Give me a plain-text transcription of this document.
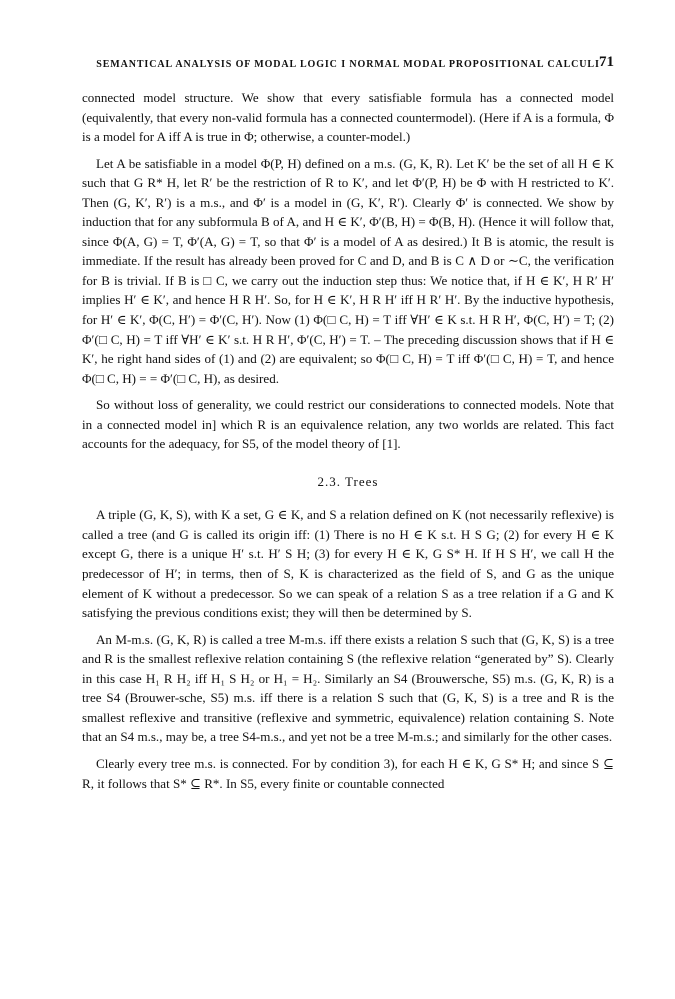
SEMANTICAL ANALYSIS OF MODAL LOGIC I NORMAL MODAL PROPOSITIONAL CALCULI 71

connected model structure. We show that every satisfiable formula has a connected model (equivalently, that every non-valid formula has a connected countermodel). (Here if A is a formula, Φ is a model for A iff A is true in Φ; otherwise, a counter-model.)

Let A be satisfiable in a model Φ(P, H) defined on a m.s. (G, K, R). Let K′ be the set of all H ∈ K such that G R* H, let R′ be the restriction of R to K′, and let Φ′(P, H) be Φ with H restricted to K′. Then (G, K′, R′) is a m.s., and Φ′ is a model in (G, K′, R′). Clearly Φ′ is connected. We show by induction that for any subformula B of A, and H ∈ K′, Φ′(B, H) = Φ(B, H). (Hence it will follow that, since Φ(A, G) = T, Φ′(A, G) = T, so that Φ′ is a model of A as desired.) It B is atomic, the result is immediate. If the result has already been proved for C and D, and B is C ∧ D or ∼C, the verification for B is trivial. If B is □ C, we carry out the induction step thus: We notice that, if H ∈ K′, H R′ H′ implies H′ ∈ K′, and hence H R H′. So, for H ∈ K′, H R H′ iff H R′ H′. By the inductive hypothesis, for H′ ∈ K′, Φ(C, H′) = Φ′(C, H′). Now (1) Φ(□ C, H) = T iff ∀H′ ∈ K s.t. H R H′, Φ(C, H′) = T; (2) Φ′(□ C, H) = T iff ∀H′ ∈ K′ s.t. H R H′, Φ′(C, H′) = T. – The preceding discussion shows that if H ∈ K′, he right hand sides of (1) and (2) are equivalent; so Φ(□ C, H) = T iff Φ′(□ C, H) = T, and hence Φ(□ C, H) = = Φ′(□ C, H), as desired.

So without loss of generality, we could restrict our considerations to connected models. Note that in a connected model in] which R is an equivalence relation, any two worlds are related. This fact accounts for the adequacy, for S5, of the model theory of [1].

2.3. Trees

A triple (G, K, S), with K a set, G ∈ K, and S a relation defined on K (not necessarily reflexive) is called a tree (and G is called its origin iff: (1) There is no H ∈ K s.t. H S G; (2) for every H ∈ K except G, there is a unique H′ s.t. H′ S H; (3) for every H ∈ K, G S* H. If H S H′, we call H the predecessor of H′; in terms, then of S, K is characterized as the field of S, and G as the unique element of K without a predecessor. So we can speak of a relation S as a tree relation if a G and K satisfying the previous conditions exist; they will then be determined by S.

An M-m.s. (G, K, R) is called a tree M-m.s. iff there exists a relation S such that (G, K, S) is a tree and R is the smallest reflexive relation containing S (the reflexive relation “generated by” S). Clearly in this case H₁ R H₂ iff H₁ S H₂ or H₁ = H₂. Similarly an S4 (Brouwersche, S5) m.s. (G, K, R) is a tree S4 (Brouwer-sche, S5) m.s. iff there is a relation S such that (G, K, S) is a tree and R is the smallest reflexive and transitive (reflexive and symmetric, equivalence) relation containing S. Note that an S4 m.s., may be, a tree S4-m.s., and yet not be a tree M-m.s.; and similarly for the other cases.

Clearly every tree m.s. is connected. For by condition 3), for each H ∈ K, G S* H; and since S ⊆ R, it follows that S* ⊆ R*. In S5, every finite or countable connected
